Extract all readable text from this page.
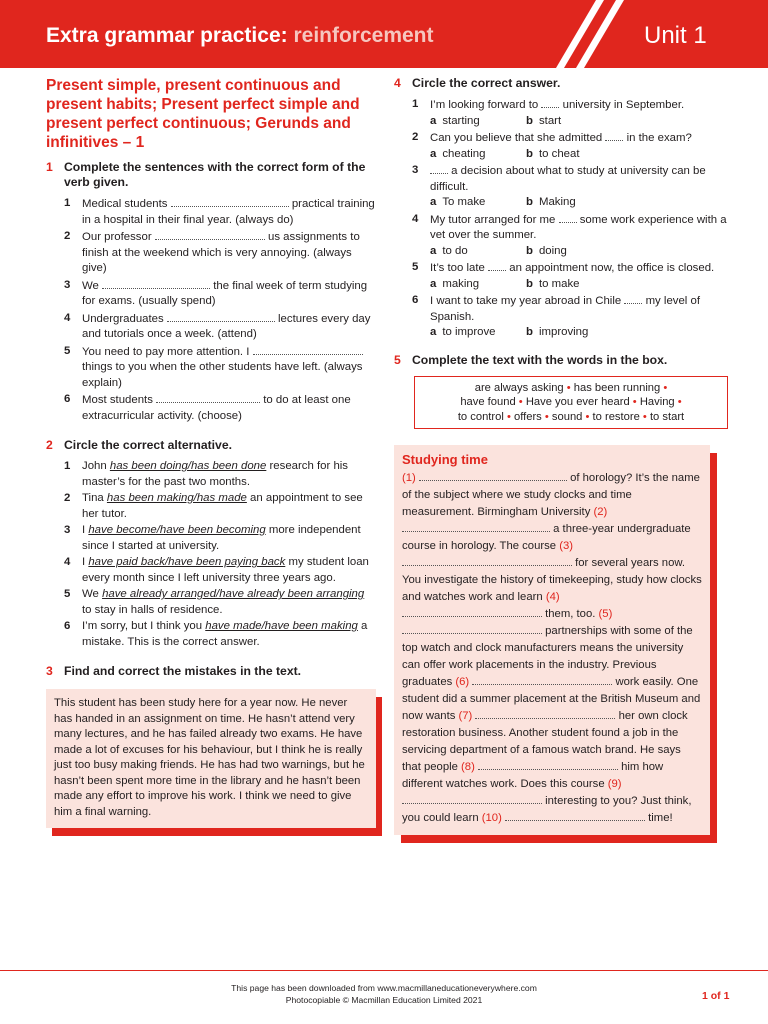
Extra grammar practice: reinforcement	Unit 1
Present simple, present continuous and present habits; Present perfect simple and present perfect continuous; Gerunds and infinitives – 1
1 Complete the sentences with the correct form of the verb given.
1	Medical students	practical training in a hospital in their final year. (always do)
2	Our professor	us assignments to finish at the weekend which is very annoying. (always give)
3	We	the final week of term studying for exams. (usually spend)
4	Undergraduates	lectures every day and tutorials once a week. (attend)
5	You need to pay more attention. I  things to you when the other students have left. (always explain)
6	Most students	to do at least one extracurricular activity. (choose)
2 Circle the correct alternative.
1	John has been doing/has been done research for his master’s for the past two months.
2	Tina has been making/has made an appointment to see her tutor.
3	I have become/have been becoming more independent since I started at university.
4	I have paid back/have been paying back my student loan every month since I left university three years ago.
5	We have already arranged/have already been arranging to stay in halls of residence.
6	I’m sorry, but I think you have made/have been making a mistake. This is the correct answer.
3 Find and correct the mistakes in the text.
This student has been study here for a year now. He never has handed in an assignment on time. He hasn’t attend very many lectures, and he has failed already two exams. He have made a lot of excuses for his behaviour, but I think he is really just too busy making friends. He has had two warnings, but he hasn’t been spent more time in the library and he hasn’t been made any effort to improve his work. I think we need to give him a final warning.
4 Circle the correct answer.
1	I’m looking forward to university in September.
a starting	b start
2	Can you believe that she admitted in the exam?
a cheating	b to cheat
3	a decision about what to study at university can be difficult.
a To make	b Making
4	My tutor arranged for me some work experience with a vet over the summer.
a to do	b doing
5	It’s too late an appointment now, the office is closed.
a making	b to make
6	I want to take my year abroad in Chile my level of Spanish.
a to improve	b improving
5 Complete the text with the words in the box.
are always asking • has been running •
have found • Have you ever heard • Having •
to control • offers • sound • to restore • to start
Studying time
(1)	of horology? It’s the name of the subject where we study clocks and time measurement. Birmingham University (2)  a three-year undergraduate course in horology. The course (3)  for several years now. You investigate the history of timekeeping, study how clocks and watches work and learn (4)  them, too. (5)  partnerships with some of the top watch and clock manufacturers means the university can offer work placements in the industry. Previous graduates (6)	work easily. One student did a summer placement at the British Museum and now wants (7)	her own clock restoration business. Another student found a job in the servicing department of a famous watch brand. He says that people (8)	him how different watches work. Does this course (9)  interesting to you? Just think, you could learn (10)	time!
This page has been downloaded from www.macmillaneducationeverywhere.com
Photocopiable © Macmillan Education Limited 2021	1 of 1
